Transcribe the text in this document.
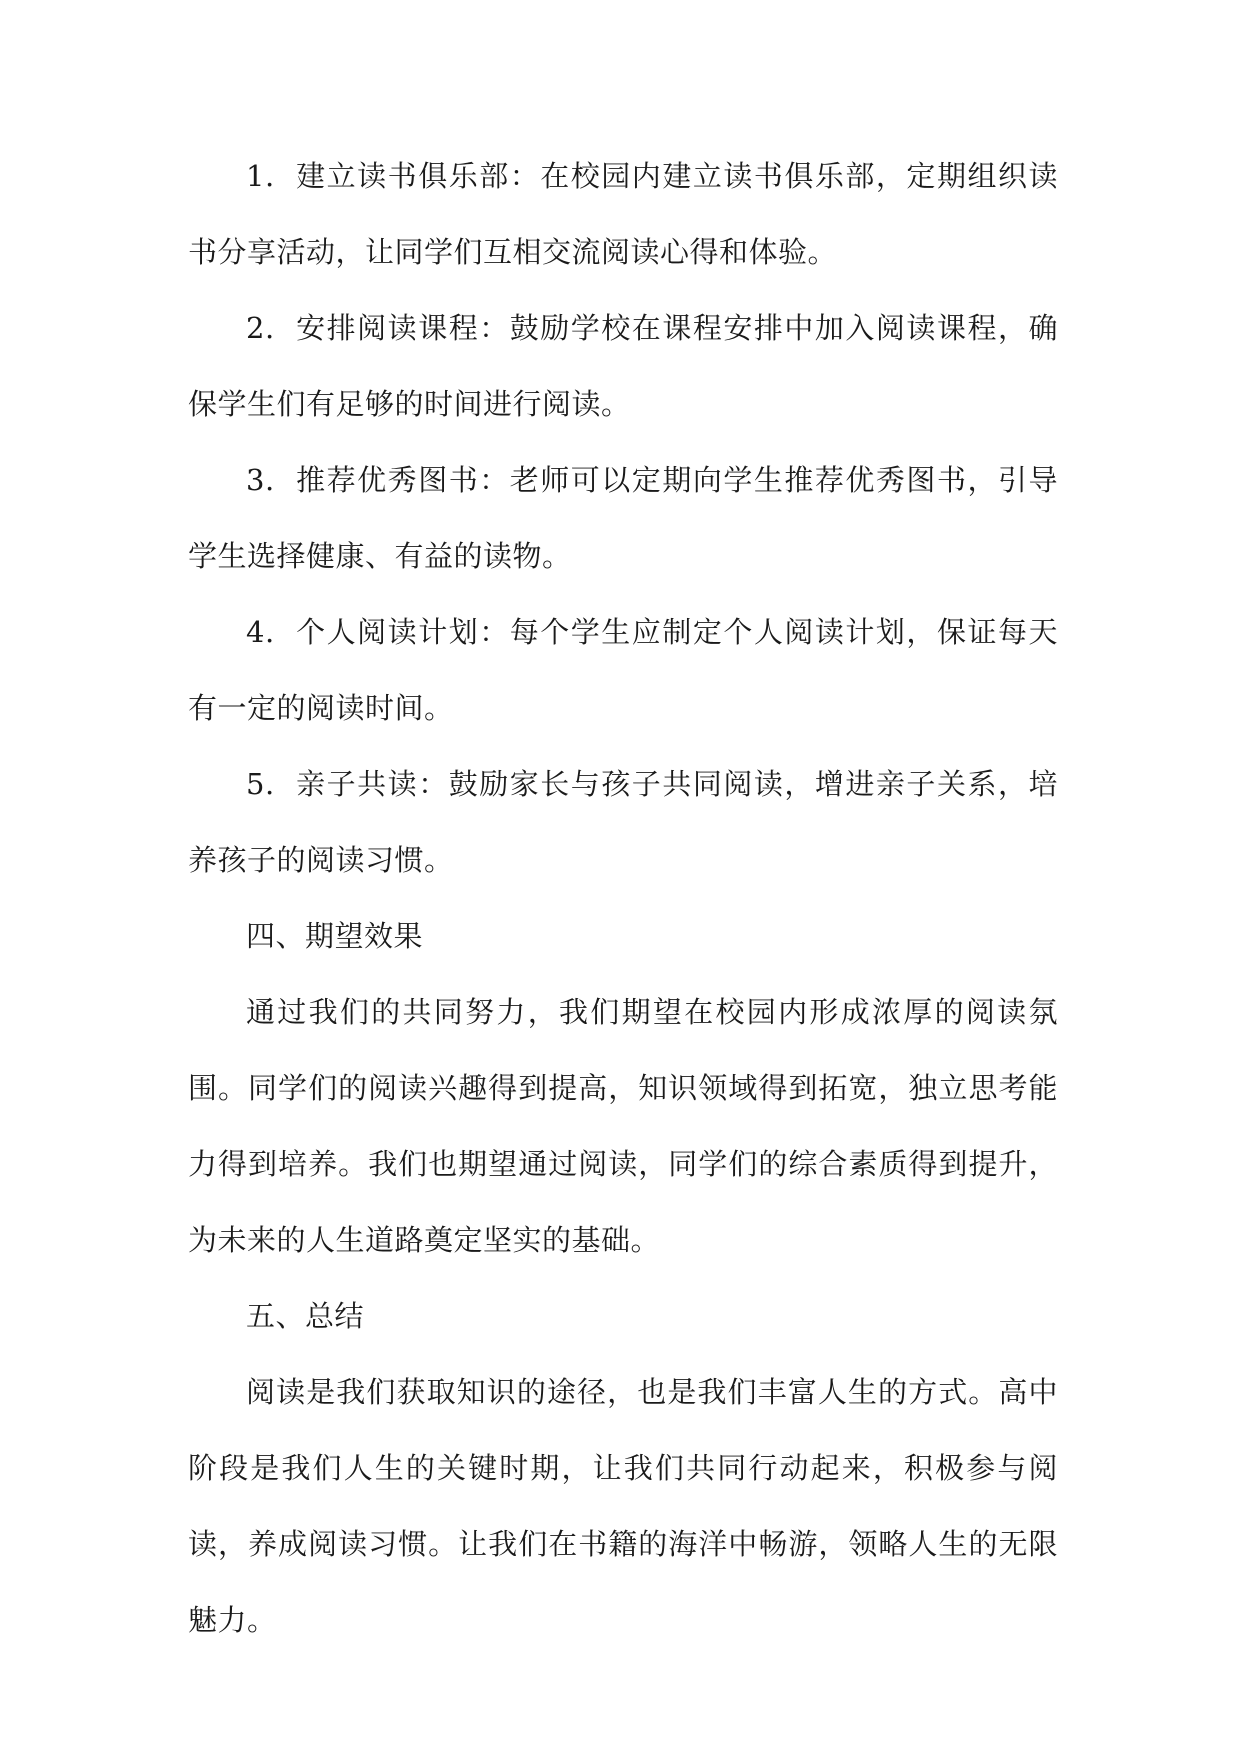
1. 建立读书俱乐部：在校园内建立读书俱乐部，定期组织读书分享活动，让同学们互相交流阅读心得和体验。

2. 安排阅读课程：鼓励学校在课程安排中加入阅读课程，确保学生们有足够的时间进行阅读。

3. 推荐优秀图书：老师可以定期向学生推荐优秀图书，引导学生选择健康、有益的读物。

4. 个人阅读计划：每个学生应制定个人阅读计划，保证每天有一定的阅读时间。

5. 亲子共读：鼓励家长与孩子共同阅读，增进亲子关系，培养孩子的阅读习惯。

四、期望效果

通过我们的共同努力，我们期望在校园内形成浓厚的阅读氛围。同学们的阅读兴趣得到提高，知识领域得到拓宽，独立思考能力得到培养。我们也期望通过阅读，同学们的综合素质得到提升，为未来的人生道路奠定坚实的基础。

五、总结

阅读是我们获取知识的途径，也是我们丰富人生的方式。高中阶段是我们人生的关键时期，让我们共同行动起来，积极参与阅读，养成阅读习惯。让我们在书籍的海洋中畅游，领略人生的无限魅力。
